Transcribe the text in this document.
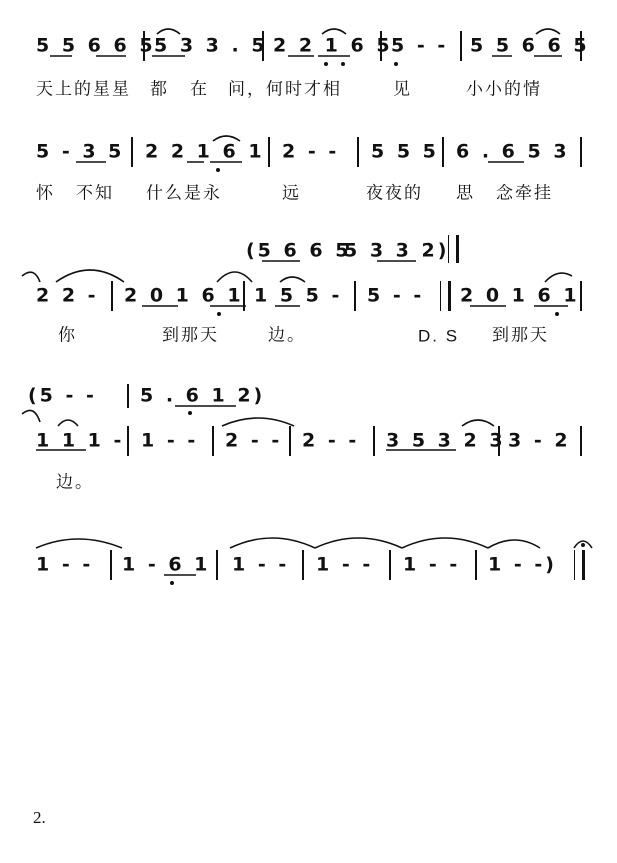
5 5 6 6 5
5 3 3 . 5 2 2 1 6 5
5 - - 5 5 6 6 5
天上的星星 都 在 问，何时才相	见	小小的情
5 - 3 5 2 2 1 6 1 2 - - 5 5 5 6 . 6 5 3
怀 不知 什么是永	远	夜夜的 思 念牵挂
(5 6 6 5
5 3 3 2)
2 2 - 2 0 1 6 1 1 5 5 - 5 - - 2 0 1 6 1
你	到那天	边。	D. S 到那天
(5 - - 5 . 6 1 2)
1 1 1 - 1 - - 2 - - 2 - - 3 5 3 2 3 3 - 2
边。
1 - - 1 - 6 1 1 - - 1 - - 1 - - 1 - -)
2.
